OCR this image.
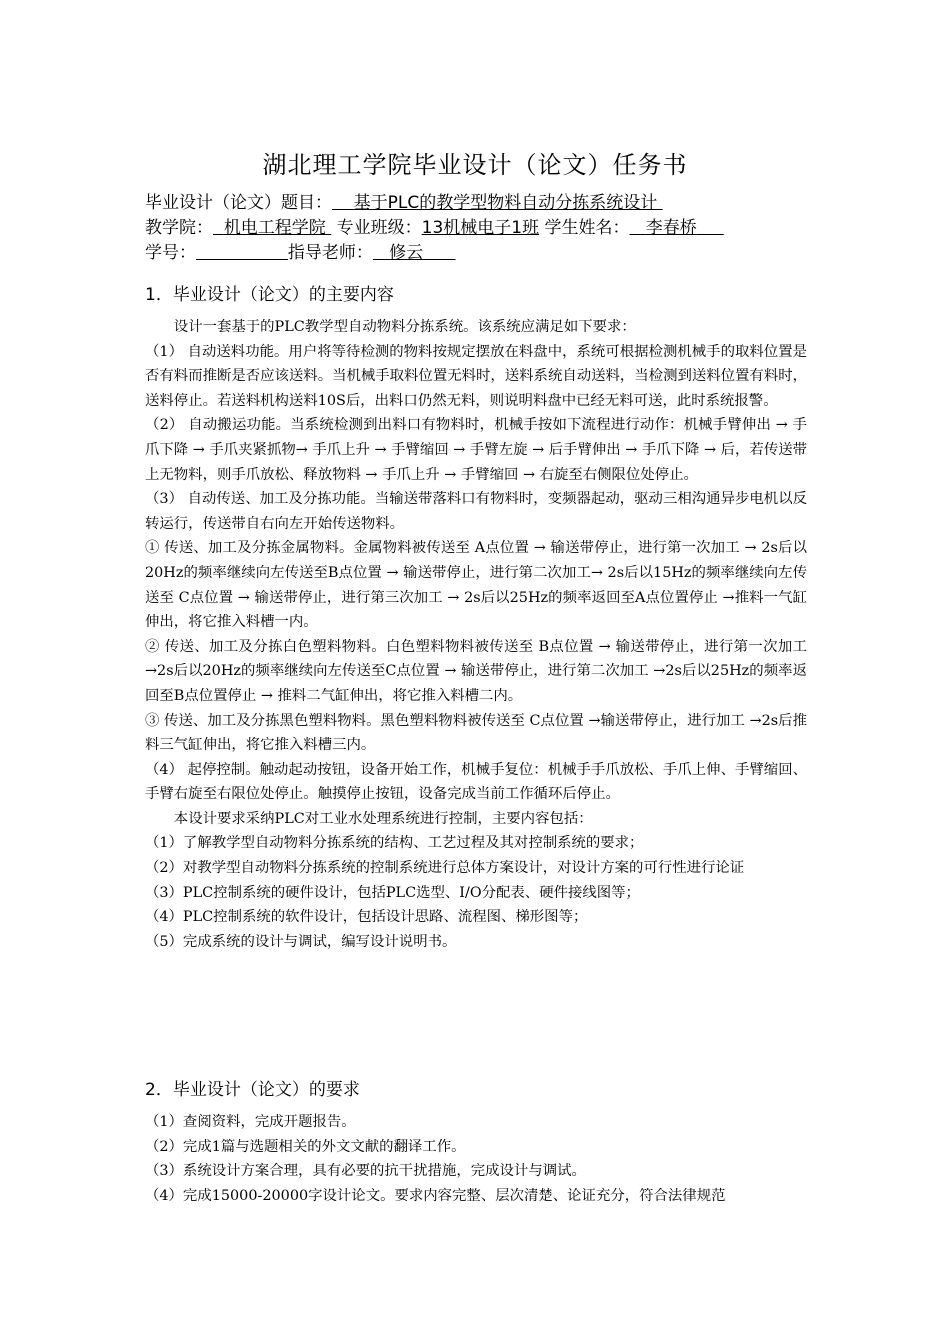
湖北理工学院毕业设计（论文）任务书
毕业设计（论文）题目： 基于PLC的教学型物料自动分拣系统设计
教学院： 机电工程学院 专业班级：13机械电子1班 学生姓名： 李春桥
学号：	指导老师： 修云
1．毕业设计（论文）的主要内容

设计一套基于的PLC教学型自动物料分拣系统。该系统应满足如下要求：

（1） 自动送料功能。用户将等待检测的物料按规定摆放在料盘中，系统可根据检测机械手的取料位置是否有料而推断是否应该送料。当机械手取料位置无料时，送料系统自动送料，当检测到送料位置有料时，送料停止。若送料机构送料10S后，出料口仍然无料，则说明料盘中已经无料可送，此时系统报警。

（2） 自动搬运功能。当系统检测到出料口有物料时，机械手按如下流程进行动作：机械手臂伸出 → 手爪下降 → 手爪夹紧抓物→ 手爪上升 → 手臂缩回 → 手臂左旋 → 后手臂伸出 → 手爪下降 → 后，若传送带上无物料，则手爪放松、释放物料 → 手爪上升 → 手臂缩回 → 右旋至右侧限位处停止。

（3） 自动传送、加工及分拣功能。当输送带落料口有物料时，变频器起动，驱动三相沟通异步电机以反转运行，传送带自右向左开始传送物料。

① 传送、加工及分拣金属物料。金属物料被传送至 A点位置 → 输送带停止，进行第一次加工 → 2s后以20Hz的频率继续向左传送至B点位置 → 输送带停止，进行第二次加工→ 2s后以15Hz的频率继续向左传送至 C点位置 → 输送带停止，进行第三次加工 → 2s后以25Hz的频率返回至A点位置停止 →推料一气缸伸出，将它推入料槽一内。

② 传送、加工及分拣白色塑料物料。白色塑料物料被传送至 B点位置 → 输送带停止，进行第一次加工 →2s后以20Hz的频率继续向左传送至C点位置 → 输送带停止，进行第二次加工 →2s后以25Hz的频率返回至B点位置停止 → 推料二气缸伸出，将它推入料槽二内。

③ 传送、加工及分拣黑色塑料物料。黑色塑料物料被传送至 C点位置 →输送带停止，进行加工 →2s后推料三气缸伸出，将它推入料槽三内。

（4） 起停控制。触动起动按钮，设备开始工作，机械手复位：机械手手爪放松、手爪上伸、手臂缩回、手臂右旋至右限位处停止。触摸停止按钮，设备完成当前工作循环后停止。

本设计要求采纳PLC对工业水处理系统进行控制，主要内容包括：

（1）了解教学型自动物料分拣系统的结构、工艺过程及其对控制系统的要求；

（2）对教学型自动物料分拣系统的控制系统进行总体方案设计，对设计方案的可行性进行论证

（3）PLC控制系统的硬件设计，包括PLC选型、I/O分配表、硬件接线图等；

（4）PLC控制系统的软件设计，包括设计思路、流程图、梯形图等；

（5）完成系统的设计与调试，编写设计说明书。

2．毕业设计（论文）的要求

（1）查阅资料，完成开题报告。

（2）完成1篇与选题相关的外文文献的翻译工作。

（3）系统设计方案合理，具有必要的抗干扰措施，完成设计与调试。

（4）完成15000-20000字设计论文。要求内容完整、层次清楚、论证充分，符合法律规范
